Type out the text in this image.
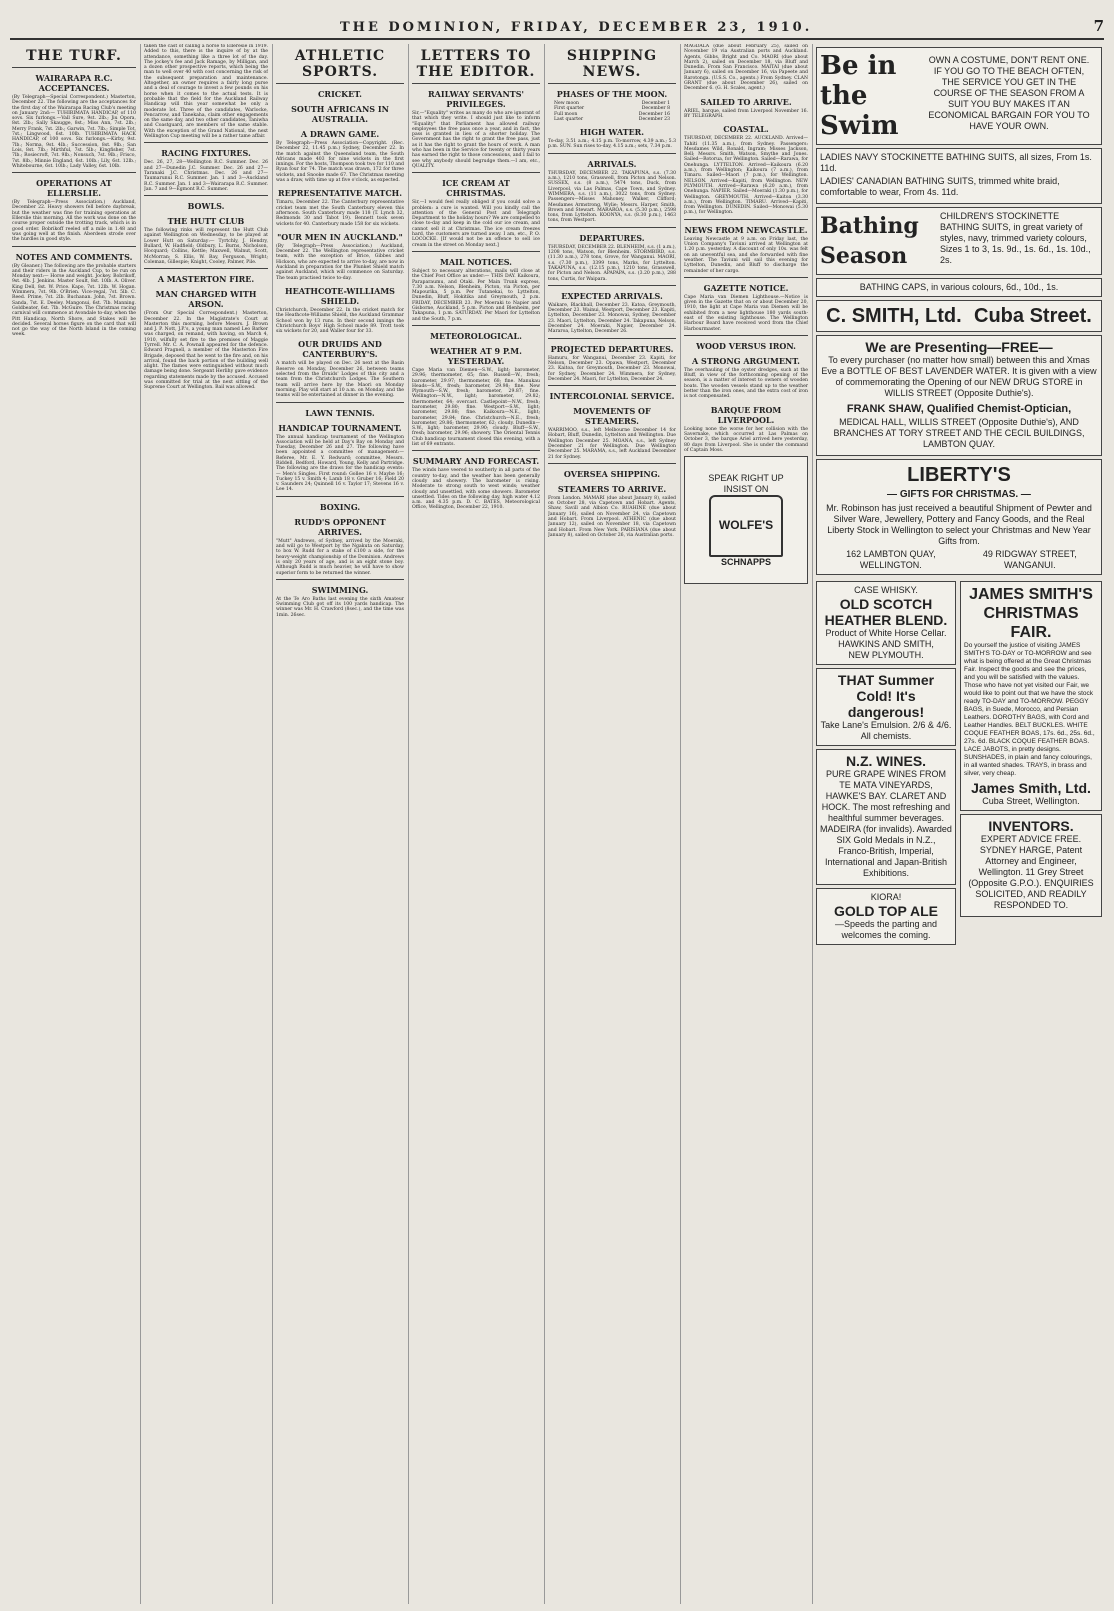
THE DOMINION, FRIDAY, DECEMBER 23, 1910.	7
THE TURF.
WAIRARAPA R.C. ACCEPTANCES.

(By Telegraph—Special Correspondent.) Masterton, December 22. The following are the acceptances for the first day of the Wairarapa Racing Club's meeting on January 2nd:— TUHIRIMATA HANDICAP, of 110 sovs. Six furlongs.—Vall Sure, 9st. 2lb.; Jiu Opora, 8st. 2lb.; Sally Skaugge, 8st.; Miss Ann, 7st. 2lb.; Merry Frank, 7st. 2lb.; Garwin, 7st. 7lb.; Simple Tot, 7st.; Lingwood, 6st. 10lb. TUHIRIMATA HACK HANDICAP, of 100 sovs. Six furlongs.—Kirby, 9st. 7lb.; Norma, 9st. 4lb.; Succession, 8st. 9lb.; San Lois, 8st. 7lb.; Mirthful, 7st. 5lb.; Kingfisher, 7st. 7lb.; Rosiecroft, 7st. 9lb.; Nonsuch, 7st. 9lb.; Frisco, 7st. 8lb.; Minnie England, 6st. 10lb.; Lily, 6st. 12lb.; Whitebourne, 6st. 10lb.; Lady Valley, 6st. 10lb.

OPERATIONS AT ELLERSLIE.

(By Telegraph—Press Association.) Auckland, December 22. Heavy showers fell before daybreak, but the weather was fine for training operations at Ellerslie this morning. All the work was done on the course proper outside the trotting track, which is in good order. Bobrikoff reeled off a mile in 1.48 and was going well at the finish. Aberdeen strode over the hurdles in good style.

NOTES AND COMMENTS.

(By Gleaner.) The following are the probable starters and their riders in the Auckland Cup, to be run on Monday next:— Horse and weight. Jockey. Bobrikoff, 9st. 4lb. J. Jenkins. Master Soult, 8st. 10lb. A. Oliver. King Dell, 8st. W. Price. Kapo, 7st. 12lb. W. Hogan. Wimmera, 7st. 9lb. O'Brien. Vice-regal, 7st. 5lb. C. Reed. Prime, 7st. 2lb. Buchanan. John, 7st. Brown. Sanda, 7st. E. Deeley. Mangonui, 6st. 7lb. Manning. Goldbeater, 6st. 7lb. McGuire. The Christmas racing carnival will commence at Avondale to-day, when the Pitt Handicap, North Shore, and Stakes will be decided. Several horses figure on the card that will not go the way of the North Island in the coming week.

taken the cast of calling a horse to Elleresie in 1919. Added to this, there is the inquire of by at the attendance, something like a three lot of the day. The jockey's fee and Jack Ramage, by Milligan, and a dozen other prospective reports, which being the man to well over 40 with cost concerning the risk of the subsequent preparation and maintenance. Altogether, an owner requires a fairly long purse and a deal of courage to invest a few pounds on his horse when it comes to the actual tests. It is probable that the field for the Auckland Railway Handicap will this year somewhat be only a moderate lot. Three of the candidates, Warlocke, Pencarrow, and Tanekaha, claim other engagements on the same day, and two other candidates, Taniwha and Coastguard, are members of the same stable. With the exception of the Grand National, the next Wellington Cup meeting will be a rather tame affair.

RACING FIXTURES.

Dec. 26, 27, 28—Wellington R.C. Summer. Dec. 26 and 27—Dunedin J.C. Summer. Dec. 26 and 27—Taranaki J.C. Christmas. Dec. 26 and 27—Taumarunui R.C. Summer. Jan. 1 and 3—Auckland R.C. Summer. Jan. 1 and 3—Wairarapa R.C. Summer. Jan. 7 and 9—Egmont R.C. Summer.

BOWLS.
THE HUTT CLUB

The following rinks will represent the Hutt Club against Wellington on Wednesday, to be played at Lower Hutt on Saturday:— Tyrtchly, J. Hendry, Bullard, W. Hadfield; Oldbury, L. Burns, Nicholson, Hocquard; Collins, Kettle; Maxwell, Walnut, Scott, McMorran; S. Ellis, W. Bay, Ferguson, Wright; Coleman, Gillespie; Knight, Cooley, Palmer, Pile.

A MASTERTON FIRE.
MAN CHARGED WITH ARSON.

(From Our Special Correspondent.) Masterton, December 22. In the Magistrate's Court at Masterton this morning, before Messrs. J. Brown and J. P. Nott, J.P.'s, a young man named Leo Barker was charged, on remand, with having, on March 4, 1910, wilfully set fire to the premises of Maggie Tyrrell. Mr. C. A. Pownall appeared for the defence. Edward Pragnell, a member of the Masterton Fire Brigade, deposed that he went to the fire and, on his arrival, found the back portion of the building well alight. The flames were extinguished without much damage being done. Sergeant Herlihy gave evidence regarding statements made by the accused. Accused was committed for trial at the next sitting of the Supreme Court at Wellington. Bail was allowed.

ATHLETIC SPORTS.
CRICKET.
SOUTH AFRICANS IN AUSTRALIA.
A DRAWN GAME.

By Telegraph—Press Association—Copyright. (Rec. December 22, 11.45 p.m.) Sydney, December 22. In the match against the Queensland team, the South Africans made 403 for nine wickets in the first innings. For the hosts, Thompson took two for 110 and Ryan four for 74. The match was drawn, 172 for three wickets, and Snooke made 67. The Christmas meeting was a draw, with time up at five o'clock, as expected.

REPRESENTATIVE MATCH.

Timaru, December 22. The Canterbury representative cricket team met the South Canterbury eleven this afternoon. South Canterbury made 118 (T. Lynch 32, Redmonds 30 and Tabot 19). Bennett took seven wickets for 40. Canterbury made 158 for six wickets.

"OUR MEN IN AUCKLAND."

(By Telegraph—Press Association.) Auckland, December 22. The Wellington representative cricket team, with the exception of Brice, Gibbes and Hickson, who are expected to arrive to-day, are now in Auckland in preparation for the Plunket Shield match against Auckland, which will commence on Saturday. The team practised twice to-day.

HEATHCOTE-WILLIAMS SHIELD.

Christchurch, December 22. In the cricket match for the Heathcote-Williams Shield, the Auckland Grammar School won by 13 runs. In their second innings the Christchurch Boys' High School made 89. Trott took six wickets for 20, and Waller four for 33.

OUR DRUIDS AND CANTERBURY'S.

A match will be played on Dec. 26 next at the Basin Reserve on Monday, December 26, between teams selected from the Druids' Lodges of this city and a team from the Christchurch Lodges. The Southern team will arrive here by the Maori on Monday morning. Play will start at 10 a.m. on Monday, and the teams will be entertained at dinner in the evening.

LAWN TENNIS.
HANDICAP TOURNAMENT.

The annual handicap tournament of the Wellington Association will be held at Day's Bay on Monday and Tuesday, December 26 and 27. The following have been appointed a committee of management:—Referee, Mr. E. Y. Redward; committee, Messrs. Riddell, Bedford, Howard, Young, Kelly and Partridge. The following are the draws for the handicap events:— Men's Singles. First round: Gollee 16 v. Maybe 16; Tuckey 15 v. Smith 4; Lamb 18 v. Gruber 16; Field 20 v. Saunders 24; Quinnell 16 v. Taylor 17; Stevens 16 v. Lee 14.

BOXING.
RUDD'S OPPONENT ARRIVES.

"Mutt" Andrews, of Sydney, arrived by the Moeraki, and will go to Westport by the Ngakuta on Saturday, to box W. Rudd for a stake of £100 a side, for the heavy-weight championship of the Dominion. Andrews is only 20 years of age, and is an eight stone boy. Although Rudd is much heavier, he will have to show superior form to be returned the winner.

SWIMMING.

At the Te Aro Baths last evening the sixth Amateur Swimming Club got off its 100 yards handicap. The winner was Mr. H. Crawford (8sec.), and the time was 1min. 26sec.

LETTERS TO THE EDITOR.
RAILWAY SERVANTS' PRIVILEGES.

Sir,—"Equality" writes as many do who are ignorant of that which they write. I should just like to inform "Equality" that Parliament has allowed railway employees the free pass once a year, and in fact, the pass is granted in lieu of a shorter holiday. The Government has the right to grant the free pass, just as it has the right to grant the hours of work. A man who has been in the Service for twenty or thirty years has earned the right to those concessions, and I fail to see why anybody should begrudge them.—I am, etc., QUALITY.

ICE CREAM AT CHRISTMAS.

Sir,—I would feel really obliged if you could solve a problem: a cure is wanted. Will you kindly call the attention of the General Post and Telegraph Department to the holiday hours? We are compelled to close to-day and keep in the cold our ice cream, and cannot sell it at Christmas. The ice cream freezes hard, the customers are turned away. I am, etc., P. O. LOCOCKE. [If would not be an offence to sell ice cream in the street on Monday next.]

MAIL NOTICES.

Subject to necessary alterations, mails will close at the Chief Post Office as under:— THIS DAY. Kaikoura, Paraparaumu, and Otaki. Per Main Trunk express, 7.30 a.m. Nelson, Blenheim, Picton, via Picton, per Mapourika, 5 p.m. Per Tutanekai, to Lyttelton, Dunedin, Bluff, Hokitika and Greymouth, 2 p.m. FRIDAY, DECEMBER 23. Per Moeraki to Napier and Gisborne, Auckland, 5 p.m. Picton and Blenheim, per Takapuna, 1 p.m. SATURDAY. Per Maori for Lyttelton and the South, 7 p.m.

METEOROLOGICAL.
WEATHER AT 9 P.M. YESTERDAY.

Cape Maria van Diemen—S.W., light; barometer, 29.96; thermometer, 65; fine. Russell—W., fresh; barometer, 29.97; thermometer, 68; fine. Manukau Heads—S.W., fresh; barometer, 29.98; fine. New Plymouth—S.W., fresh; barometer, 29.87; fine. Wellington—N.W., light; barometer, 29.82; thermometer, 64; overcast. Castlepoint—N.W., fresh; barometer, 29.80; fine. Westport—S.W., light; barometer, 29.88; fine. Kaikoura—N.E., light; barometer, 29.84; fine. Christchurch—N.E., fresh; barometer, 29.86; thermometer, 62; cloudy. Dunedin—S.W., light; barometer, 29.90; cloudy. Bluff—S.W., fresh; barometer, 29.96; showery. The Oriental Tennis Club handicap tournament closed this evening, with a list of 69 entrants.

SUMMARY AND FORECAST.

The winds have veered to southerly in all parts of the country to-day, and the weather has been generally cloudy and showery. The barometer is rising. Moderate to strong south to west winds; weather cloudy and unsettled, with some showers. Barometer unsettled. Tides on the following day, high water 4.12 a.m. and 4.35 p.m. D. C. BATES, Meteorological Office, Wellington, December 22, 1910.

SHIPPING NEWS.
PHASES OF THE MOON.
New moon	December 1
First quarter	December 8
Full moon	December 16
Last quarter	December 23
HIGH WATER.

To-day, 3.51 a.m.; 4.15 p.m. To-morrow, 4.39 a.m.; 5.3 p.m. SUN. Sun rises to-day, 4.15 a.m.; sets, 7.34 p.m.

ARRIVALS.

THURSDAY, DECEMBER 22. TAKAPUNA, s.s. (7.30 a.m.), 1210 tons, Grasswell, from Picton and Nelson. SUSSEX, s.s. (8 a.m.), 5474 tons, Duck, from Liverpool, via Las Palmas, Cape Town, and Sydney. WIMMERA, s.s. (11 a.m.), 3022 tons, from Sydney. Passengers—Misses Mahoney, Walker, Clifford; Mesdames Armstrong, Wylie; Messrs. Harper, Smith, Brown and Stewart. MARAROA, s.s. (5.30 p.m.), 2598 tons, from Lyttelton. KOONYA, s.s. (8.30 p.m.), 1463 tons, from Westport.

DEPARTURES.

THURSDAY, DECEMBER 22. BLENHEIM, s.s. (1 a.m.), 1208 tons, Watson, for Blenheim. STORMBIRD, s.s. (11.30 a.m.), 278 tons, Grove, for Wanganui. MAORI, s.s. (7.30 p.m.), 3399 tons, Marks, for Lyttelton. TAKAPUNA, s.s. (12.15 p.m.), 1210 tons, Grasswell, for Picton and Nelson. APAPAPA, s.s. (3.20 p.m.), 288 tons, Curtis, for Waipara.

EXPECTED ARRIVALS.

Waikare, Blackball, December 23. Katoa, Greymouth, December 23. Wainui, Westport, December 23. Kapiti, Lyttelton, December 23. Monowai, Sydney, December 23. Maori, Lyttelton, December 24. Takapuna, Nelson, December 24. Moeraki, Napier, December 24. Mararoa, Lyttelton, December 26.

PROJECTED DEPARTURES.

Hamuru, for Wanganui, December 23. Kapiti, for Nelson, December 23. Opawa, Westport, December 23. Kaitoa, for Greymouth, December 23. Monowai, for Sydney, December 24. Wimmera, for Sydney, December 24. Maori, for Lyttelton, December 24.

INTERCOLONIAL SERVICE.
MOVEMENTS OF STEAMERS.

WARRIMOO, s.s., left Melbourne December 14 for Hobart, Bluff, Dunedin, Lyttelton and Wellington. Due Wellington December 25. MOANA, s.s., left Sydney December 21 for Wellington. Due Wellington December 25. MARAMA, s.s., left Auckland December 21 for Sydney.

OVERSEA SHIPPING.
STEAMERS TO ARRIVE.

From London. MAMARI (due about January 8), sailed on October 28, via Capetown and Hobart. Agents, Shaw, Savill and Albion Co. RUAHINE (due about January 16), sailed on November 24, via Capetown and Hobart. From Liverpool. ATHENIC (due about January 12), sailed on November 18, via Capetown and Hobart. From New York. PARISIANA (due about January 8), sailed on October 26, via Australian ports.

MAGDALA (due about February 25), sailed on November 19 via Australian ports and Auckland. Agents, Gibbs, Bright and Co. MAORI (due about March 2), sailed on December 18, via Bluff and Dunedin. From San Francisco. MAITAI (due about January 6), sailed on December 16, via Papeete and Rarotonga. (U.S.S. Co., agents.) From Sydney. CLAN GRANT (due about December 26), sailed on December 6. (G. H. Scales, agent.)

SAILED TO ARRIVE.

ARIEL, barque, sailed from Liverpool November 16. BY TELEGRAPH.

COASTAL.

THURSDAY, DECEMBER 22. AUCKLAND. Arrived—Tahiti (11.35 a.m.), from Sydney. Passengers: Mesdames Wild, Ronald, Ingram; Misses Jackson, Bell; Messrs. Smith, Watson, Smythe and Jones. Sailed—Rotorua, for Wellington. Sailed—Rarawa, for Onehunga. LYTTELTON. Arrived—Kaikoura (6.20 a.m.), from Wellington; Kaikoura (7 a.m.), from Timaru. Sailed—Maori (7 p.m.), for Wellington. NELSON. Arrived—Kapiti, from Wellington. NEW PLYMOUTH. Arrived—Rarawa (6.20 a.m.), from Onehunga. NAPIER. Sailed—Moeraki (1.30 p.m.), for Wellington. GREYMOUTH. Arrived—Kaitoa (3.30 a.m.), from Wellington. TIMARU. Arrived—Kapiti, from Wellington. DUNEDIN. Sailed—Monowai (5.30 p.m.), for Wellington.

NEWS FROM NEWCASTLE.

Leaving Newcastle at 9 a.m. on Friday last, the Union Company's Taviuni arrived at Wellington at 1.20 p.m. yesterday. A discount of only 10s. was felt on an uneventful sea, and she forwarded with fine weather. The Taviuni will sail this evening for Lyttelton, Dunedin, and Bluff to discharge the remainder of her cargo.

GAZETTE NOTICE.

Cape Maria van Diemen Lighthouse.—Notice is given in the Gazette that on or about December 20, 1910, the light at Cape Maria van Diemen will be exhibited from a new lighthouse 180 yards south-east of the existing lighthouse. The Wellington Harbour Board have received word from the Chief Harbourmaster.

WOOD VERSUS IRON.
A STRONG ARGUMENT.

The overhauling of the oyster dredges, such at the Bluff, in view of the forthcoming opening of the season, is a matter of interest to owners of wooden boats. The wooden vessels stand up to the weather better than the iron ones, and the extra cost of iron is not compensated.

BARQUE FROM LIVERPOOL.

Looking none the worse for her collision with the Savernake, which occurred at Las Palmas on October 3, the barque Ariel arrived here yesterday, 80 days from Liverpool. She is under the command of Captain Moss.

SPEAK RIGHT UP
INSIST ON
WOLFE'S
SCHNAPPS
Be in
the
Swim
OWN A COSTUME, DON'T RENT ONE. IF YOU GO TO THE BEACH OFTEN, THE SERVICE YOU GET IN THE COURSE OF THE SEASON FROM A SUIT YOU BUY MAKES IT AN ECONOMICAL BARGAIN FOR YOU TO HAVE YOUR OWN.

LADIES NAVY STOCKINETTE BATHING SUITS, all sizes, From 1s. 11d.

LADIES' CANADIAN BATHING SUITS, trimmed white braid, comfortable to wear, From 4s. 11d.

Bathing
Season
CHILDREN'S STOCKINETTE BATHING SUITS, in great variety of styles, navy, trimmed variety colours, Sizes 1 to 3, 1s. 9d., 1s. 6d., 1s. 10d., 2s.
BATHING CAPS, in various colours, 6d., 10d., 1s.
C. SMITH, Ltd. Cuba Street.
We are Presenting—FREE—

To every purchaser (no matter how small) between this and Xmas Eve a BOTTLE OF BEST LAVENDER WATER. It is given with a view of commemorating the Opening of our NEW DRUG STORE in WILLIS STREET (Opposite Duthie's).

FRANK SHAW, Qualified Chemist-Optician,

MEDICAL HALL, WILLIS STREET (Opposite Duthie's), AND BRANCHES AT TORY STREET AND THE CECIL BUILDINGS, LAMBTON QUAY.

LIBERTY'S
— GIFTS FOR CHRISTMAS. —

Mr. Robinson has just received a beautiful Shipment of Pewter and Silver Ware, Jewellery, Pottery and Fancy Goods, and the Real Liberty Stock in Wellington to select your Christmas and New Year Gifts from.

162 LAMBTON QUAY, WELLINGTON.
49 RIDGWAY STREET, WANGANUI.
CASE WHISKY.
OLD SCOTCH
HEATHER BLEND.
Product of White Horse Cellar.
HAWKINS AND SMITH,
NEW PLYMOUTH.
THAT Summer Cold! It's dangerous!
Take Lane's Emulsion. 2/6 & 4/6. All chemists.
N.Z. WINES.

PURE GRAPE WINES FROM TE MATA VINEYARDS, HAWKE'S BAY. CLARET AND HOCK. The most refreshing and healthful summer beverages. MADEIRA (for invalids). Awarded SIX Gold Medals in N.Z., Franco-British, Imperial, International and Japan-British Exhibitions.

KIORA!
GOLD TOP ALE
—Speeds the parting and welcomes the coming.
JAMES SMITH'S CHRISTMAS FAIR.

Do yourself the justice of visiting JAMES SMITH'S TO-DAY or TO-MORROW and see what is being offered at the Great Christmas Fair. Inspect the goods and see the prices, and you will be satisfied with the values. Those who have not yet visited our Fair, we would like to point out that we have the stock ready TO-DAY and TO-MORROW. PEGGY BAGS, in Suede, Morocco, and Persian Leathers. DOROTHY BAGS, with Cord and Leather Handles. BELT BUCKLES. WHITE COQUE FEATHER BOAS, 17s. 6d., 25s. 6d., 27s. 6d. BLACK COQUE FEATHER BOAS. LACE JABOTS, in pretty designs. SUNSHADES, in plain and fancy colourings, in all wanted shades. TRAYS, in brass and silver, very cheap.

James Smith, Ltd.
Cuba Street, Wellington.
INVENTORS.

EXPERT ADVICE FREE. SYDNEY HARGE, Patent Attorney and Engineer, Wellington. 11 Grey Street (Opposite G.P.O.). ENQUIRIES SOLICITED, AND READILY RESPONDED TO.
